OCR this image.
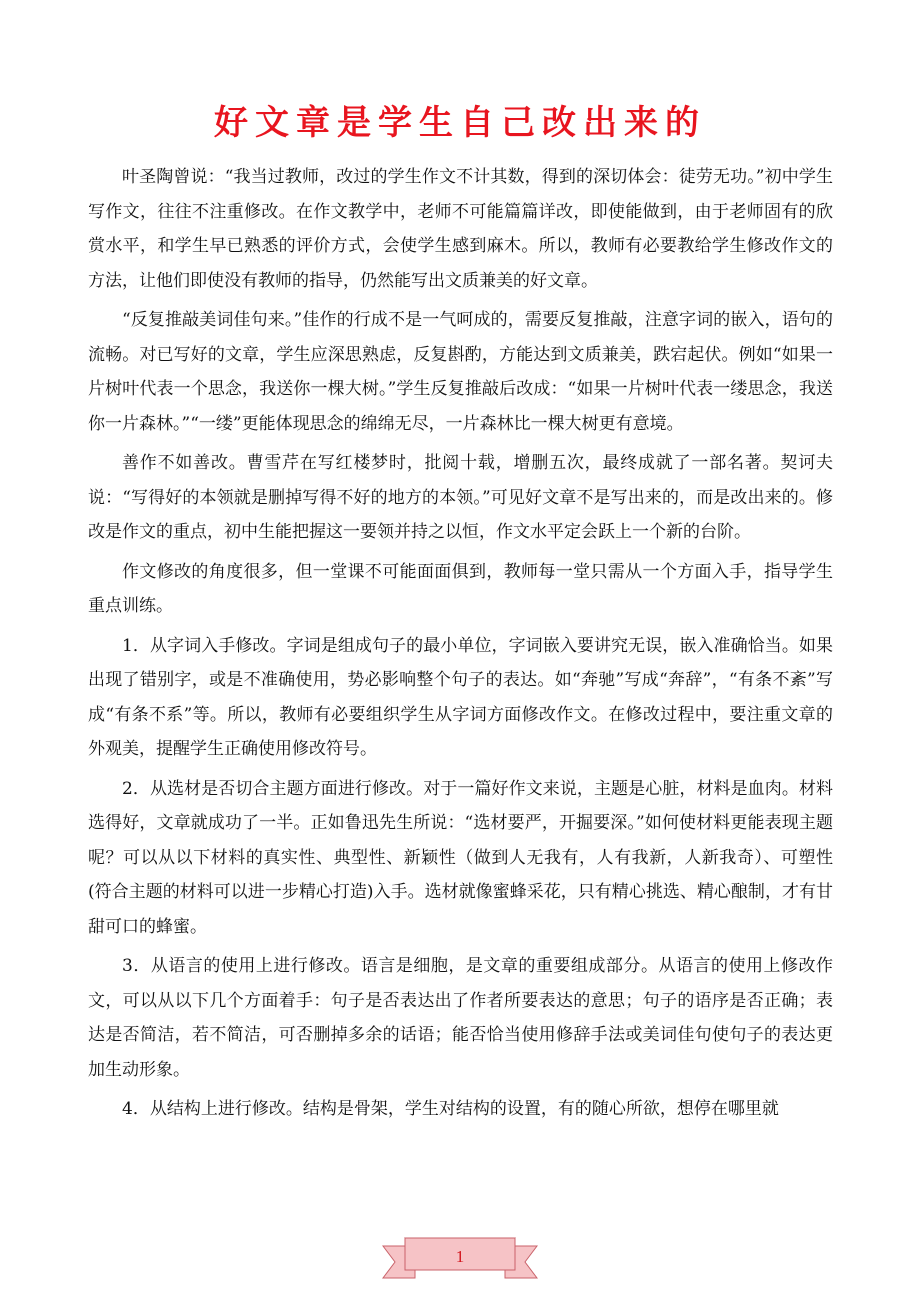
好文章是学生自己改出来的

叶圣陶曾说：“我当过教师，改过的学生作文不计其数，得到的深切体会：徒劳无功。”初中学生写作文，往往不注重修改。在作文教学中，老师不可能篇篇详改，即使能做到，由于老师固有的欣赏水平，和学生早已熟悉的评价方式，会使学生感到麻木。所以，教师有必要教给学生修改作文的方法，让他们即使没有教师的指导，仍然能写出文质兼美的好文章。

“反复推敲美词佳句来。”佳作的行成不是一气呵成的，需要反复推敲，注意字词的嵌入，语句的流畅。对已写好的文章，学生应深思熟虑，反复斟酌，方能达到文质兼美，跌宕起伏。例如“如果一片树叶代表一个思念，我送你一棵大树。”学生反复推敲后改成：“如果一片树叶代表一缕思念，我送你一片森林。”“一缕”更能体现思念的绵绵无尽，一片森林比一棵大树更有意境。

善作不如善改。曹雪芹在写红楼梦时，批阅十载，增删五次，最终成就了一部名著。契诃夫说：“写得好的本领就是删掉写得不好的地方的本领。”可见好文章不是写出来的，而是改出来的。修改是作文的重点，初中生能把握这一要领并持之以恒，作文水平定会跃上一个新的台阶。

作文修改的角度很多，但一堂课不可能面面俱到，教师每一堂只需从一个方面入手，指导学生重点训练。

1．从字词入手修改。字词是组成句子的最小单位，字词嵌入要讲究无误，嵌入准确恰当。如果出现了错别字，或是不准确使用，势必影响整个句子的表达。如“奔驰”写成“奔辞”，“有条不紊”写成“有条不系”等。所以，教师有必要组织学生从字词方面修改作文。在修改过程中，要注重文章的外观美，提醒学生正确使用修改符号。

2．从选材是否切合主题方面进行修改。对于一篇好作文来说，主题是心脏，材料是血肉。材料选得好，文章就成功了一半。正如鲁迅先生所说：“选材要严，开掘要深。”如何使材料更能表现主题呢？可以从以下材料的真实性、典型性、新颖性（做到人无我有，人有我新，人新我奇）、可塑性(符合主题的材料可以进一步精心打造)入手。选材就像蜜蜂采花，只有精心挑选、精心酿制，才有甘甜可口的蜂蜜。

3．从语言的使用上进行修改。语言是细胞，是文章的重要组成部分。从语言的使用上修改作文，可以从以下几个方面着手：句子是否表达出了作者所要表达的意思；句子的语序是否正确；表达是否简洁，若不简洁，可否删掉多余的话语；能否恰当使用修辞手法或美词佳句使句子的表达更加生动形象。

4．从结构上进行修改。结构是骨架，学生对结构的设置，有的随心所欲，想停在哪里就

1
